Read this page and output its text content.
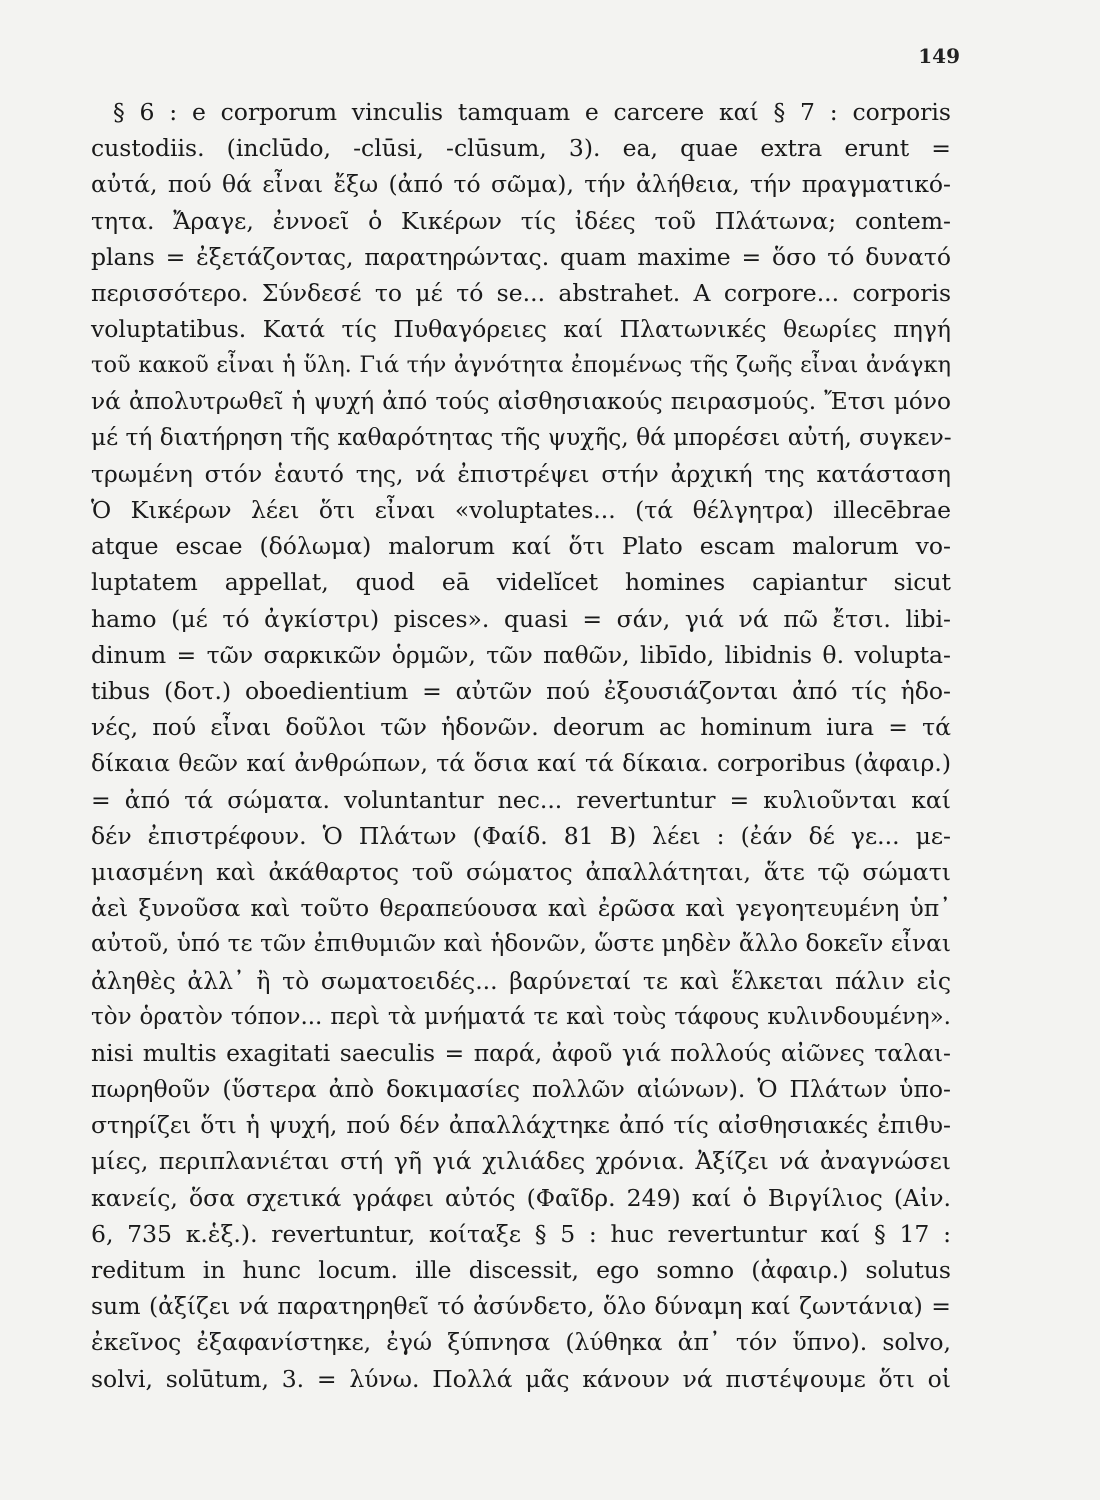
149
§ 6 : e corporum vinculis tamquam e carcere καί § 7 : corporis
custodiis. (inclūdo, -clūsi, -clūsum, 3). ea, quae extra erunt =
αὐτά, πού θά εἶναι ἔξω (ἀπό τό σῶμα), τήν ἀλήθεια, τήν πραγματικό-
τητα. Ἄραγε, ἐννοεῖ ὁ Κικέρων τίς ἰδέες τοῦ Πλάτωνα; contem-
plans = ἐξετάζοντας, παρατηρώντας. quam maxime = ὅσο τό δυνατό
περισσότερο. Σύνδεσέ το μέ τό se... abstrahet. A corpore... corporis
voluptatibus. Κατά τίς Πυθαγόρειες καί Πλατωνικές θεωρίες πηγή
τοῦ κακοῦ εἶναι ἡ ὕλη. Γιά τήν ἀγνότητα ἐπομένως τῆς ζωῆς εἶναι ἀνάγκη
νά ἀπολυτρωθεῖ ἡ ψυχή ἀπό τούς αἰσθησιακούς πειρασμούς. Ἔτσι μόνο
μέ τή διατήρηση τῆς καθαρότητας τῆς ψυχῆς, θά μπορέσει αὐτή, συγκεν-
τρωμένη στόν ἑαυτό της, νά ἐπιστρέψει στήν ἀρχική της κατάσταση
Ὁ Κικέρων λέει ὅτι εἶναι «voluptates... (τά θέλγητρα) illecēbrae
atque escae (δόλωμα) malorum καί ὅτι Plato escam malorum vo-
luptatem appellat, quod eā videlĭcet homines capiantur sicut
hamo (μέ τό ἀγκίστρι) pisces». quasi = σάν, γιά νά πῶ ἔτσι. libi-
dinum = τῶν σαρκικῶν ὁρμῶν, τῶν παθῶν, libīdo, libidnis θ. volupta-
tibus (δοτ.) oboedientium = αὐτῶν πού ἐξουσιάζονται ἀπό τίς ἡδο-
νές, πού εἶναι δοῦλοι τῶν ἡδονῶν. deorum ac hominum iura = τά
δίκαια θεῶν καί ἀνθρώπων, τά ὅσια καί τά δίκαια. corporibus (ἀφαιρ.)
= ἀπό τά σώματα. voluntantur nec... revertuntur = κυλιοῦνται καί
δέν ἐπιστρέφουν. Ὁ Πλάτων (Φαίδ. 81 B) λέει : (ἐάν δέ γε... με-
μιασμένη καὶ ἀκάθαρτος τοῦ σώματος ἀπαλλάτηται, ἅτε τῷ σώματι
ἀεὶ ξυνοῦσα καὶ τοῦτο θεραπεύουσα καὶ ἐρῶσα καὶ γεγοητευμένη ὑπ᾽
αὐτοῦ, ὑπό τε τῶν ἐπιθυμιῶν καὶ ἡδονῶν, ὥστε μηδὲν ἄλλο δοκεῖν εἶναι
ἀληθὲς ἀλλ᾽ ἢ τὸ σωματοειδές... βαρύνεταί τε καὶ ἕλκεται πάλιν εἰς
τὸν ὁρατὸν τόπον... περὶ τὰ μνήματά τε καὶ τοὺς τάφους κυλινδουμένη».
nisi multis exagitati saeculis = παρά, ἀφοῦ γιά πολλούς αἰῶνες ταλαι-
πωρηθοῦν (ὕστερα ἀπὸ δοκιμασίες πολλῶν αἰώνων). Ὁ Πλάτων ὑπο-
στηρίζει ὅτι ἡ ψυχή, πού δέν ἀπαλλάχτηκε ἀπό τίς αἰσθησιακές ἐπιθυ-
μίες, περιπλανιέται στή γῆ γιά χιλιάδες χρόνια. Ἀξίζει νά ἀναγνώσει
κανείς, ὅσα σχετικά γράφει αὐτός (Φαῖδρ. 249) καί ὁ Βιργίλιος (Αἰν.
6, 735 κ.ἑξ.). revertuntur, κοίταξε § 5 : huc revertuntur καί § 17 :
reditum in hunc locum. ille discessit, ego somno (ἀφαιρ.) solutus
sum (ἀξίζει νά παρατηρηθεῖ τό ἀσύνδετο, ὅλο δύναμη καί ζωντάνια) =
ἐκεῖνος ἐξαφανίστηκε, ἐγώ ξύπνησα (λύθηκα ἀπ᾽ τόν ὕπνο). solvo,
solvi, solūtum, 3. = λύνω. Πολλά μᾶς κάνουν νά πιστέψουμε ὅτι οἱ
